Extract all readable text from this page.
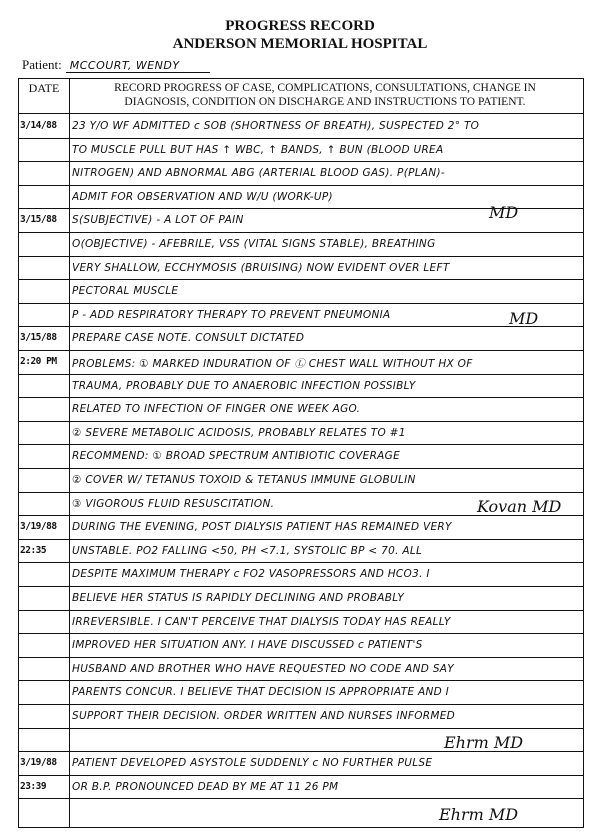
PROGRESS RECORD
ANDERSON MEMORIAL HOSPITAL
Patient: MCCOURT, WENDY
DATE	RECORD PROGRESS OF CASE, COMPLICATIONS, CONSULTATIONS, CHANGE IN
DIAGNOSIS, CONDITION ON DISCHARGE AND INSTRUCTIONS TO PATIENT.
3/14/88	23 Y/O WF ADMITTED c SOB (SHORTNESS OF BREATH), SUSPECTED 2° TO
TO MUSCLE PULL BUT HAS ↑ WBC, ↑ BANDS, ↑ BUN (BLOOD UREA
NITROGEN) AND ABNORMAL ABG (ARTERIAL BLOOD GAS). P(PLAN)-
ADMIT FOR OBSERVATION AND W/U (WORK-UP)
3/15/88	S(SUBJECTIVE) - A LOT OF PAIN
O(OBJECTIVE) - AFEBRILE, VSS (VITAL SIGNS STABLE), BREATHING
VERY SHALLOW, ECCHYMOSIS (BRUISING) NOW EVIDENT OVER LEFT
PECTORAL MUSCLE
P - ADD RESPIRATORY THERAPY TO PREVENT PNEUMONIA
3/15/88	PREPARE CASE NOTE. CONSULT DICTATED
2:20 PM	PROBLEMS: ① MARKED INDURATION OF Ⓛ CHEST WALL WITHOUT HX OF
TRAUMA, PROBABLY DUE TO ANAEROBIC INFECTION POSSIBLY
RELATED TO INFECTION OF FINGER ONE WEEK AGO.
② SEVERE METABOLIC ACIDOSIS, PROBABLY RELATES TO #1
RECOMMEND: ① BROAD SPECTRUM ANTIBIOTIC COVERAGE
② COVER W/ TETANUS TOXOID & TETANUS IMMUNE GLOBULIN
③ VIGOROUS FLUID RESUSCITATION.
3/19/88	DURING THE EVENING, POST DIALYSIS PATIENT HAS REMAINED VERY
22:35	UNSTABLE. PO2 FALLING <50, PH <7.1, SYSTOLIC BP < 70. ALL
DESPITE MAXIMUM THERAPY c FO2 VASOPRESSORS AND HCO3. I
BELIEVE HER STATUS IS RAPIDLY DECLINING AND PROBABLY
IRREVERSIBLE. I CAN'T PERCEIVE THAT DIALYSIS TODAY HAS REALLY
IMPROVED HER SITUATION ANY. I HAVE DISCUSSED c PATIENT'S
HUSBAND AND BROTHER WHO HAVE REQUESTED NO CODE AND SAY
PARENTS CONCUR. I BELIEVE THAT DECISION IS APPROPRIATE AND I
SUPPORT THEIR DECISION. ORDER WRITTEN AND NURSES INFORMED
3/19/88	PATIENT DEVELOPED ASYSTOLE SUDDENLY c NO FURTHER PULSE
23:39	OR B.P. PRONOUNCED DEAD BY ME AT 11 26 PM
MD
MD
Kovan MD
Ehrm MD
Ehrm MD
